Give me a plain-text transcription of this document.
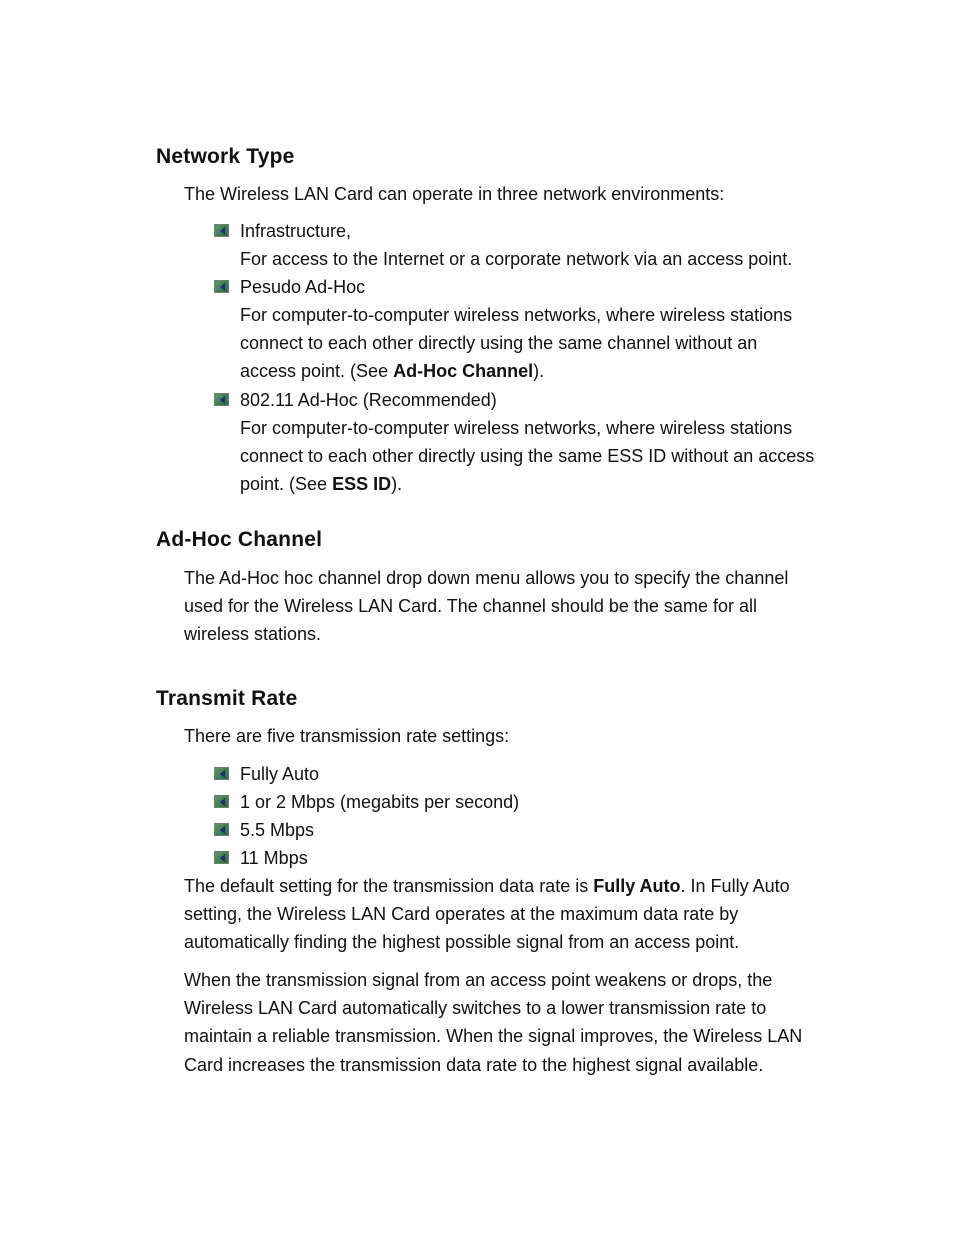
Network Type

The Wireless LAN Card can operate in three network environments:

Infrastructure,
For access to the Internet or a corporate network via an access point.
Pesudo Ad-Hoc
For computer-to-computer wireless networks, where wireless stations
connect to each other directly using the same channel without an
access point. (See Ad-Hoc Channel).
802.11 Ad-Hoc (Recommended)
For computer-to-computer wireless networks, where wireless stations
connect to each other directly using the same ESS ID without an access
point. (See ESS ID).
Ad-Hoc Channel

The Ad-Hoc hoc channel drop down menu allows you to specify the channel
used for the Wireless LAN Card. The channel should be the same for all
wireless stations.

Transmit Rate

There are five transmission rate settings:

Fully Auto
1 or 2 Mbps (megabits per second)
5.5 Mbps
11 Mbps

The default setting for the transmission data rate is Fully Auto. In Fully Auto
setting, the Wireless LAN Card operates at the maximum data rate by
automatically finding the highest possible signal from an access point.

When the transmission signal from an access point weakens or drops, the
Wireless LAN Card automatically switches to a lower transmission rate to
maintain a reliable transmission. When the signal improves, the Wireless LAN
Card increases the transmission data rate to the highest signal available.
